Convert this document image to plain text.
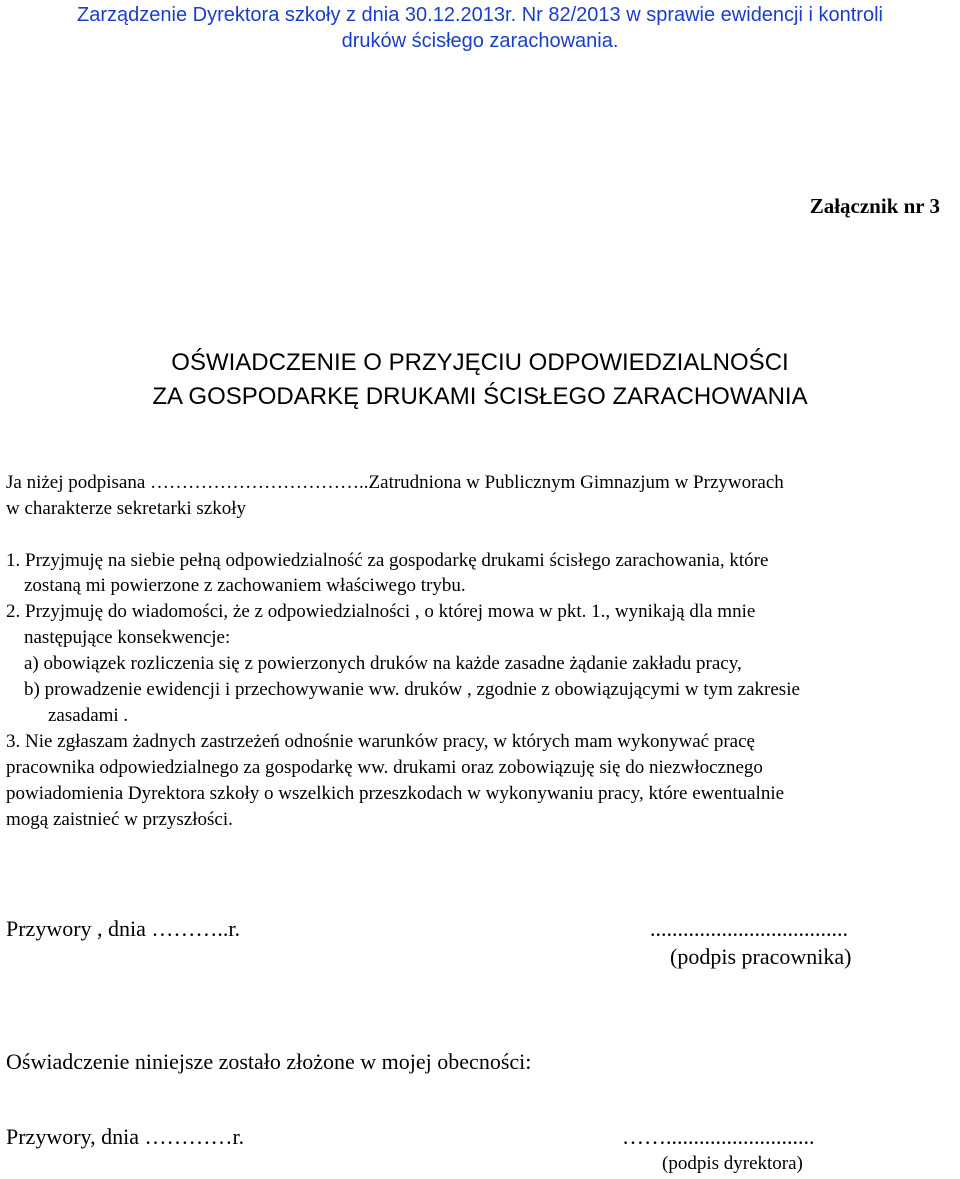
Zarządzenie Dyrektora szkoły z dnia 30.12.2013r. Nr 82/2013 w sprawie ewidencji i kontroli
druków ścisłego zarachowania.
Załącznik nr 3
OŚWIADCZENIE O PRZYJĘCIU ODPOWIEDZIALNOŚCI
ZA GOSPODARKĘ DRUKAMI ŚCISŁEGO ZARACHOWANIA
Ja niżej podpisana ……………………………..Zatrudniona w Publicznym Gimnazjum w Przyworach
w charakterze sekretarki szkoły
1. Przyjmuję na siebie pełną odpowiedzialność za gospodarkę drukami ścisłego zarachowania, które
zostaną mi powierzone z zachowaniem właściwego trybu.
2. Przyjmuję do wiadomości, że z odpowiedzialności , o której mowa w pkt. 1., wynikają dla mnie
następujące konsekwencje:
a) obowiązek rozliczenia się z powierzonych druków na każde zasadne żądanie zakładu pracy,
b) prowadzenie ewidencji i przechowywanie ww. druków , zgodnie z obowiązującymi w tym zakresie
zasadami .
3. Nie zgłaszam żadnych zastrzeżeń odnośnie warunków pracy, w których mam wykonywać pracę
pracownika odpowiedzialnego za gospodarkę ww. drukami oraz zobowiązuję się do niezwłocznego
powiadomienia Dyrektora szkoły o wszelkich przeszkodach w wykonywaniu pracy, które ewentualnie
mogą zaistnieć w przyszłości.
Przywory , dnia ………..r.	....................................
(podpis pracownika)
Oświadczenie niniejsze zostało złożone w mojej obecności:
Przywory, dnia …………r.	……...........................
(podpis dyrektora)
